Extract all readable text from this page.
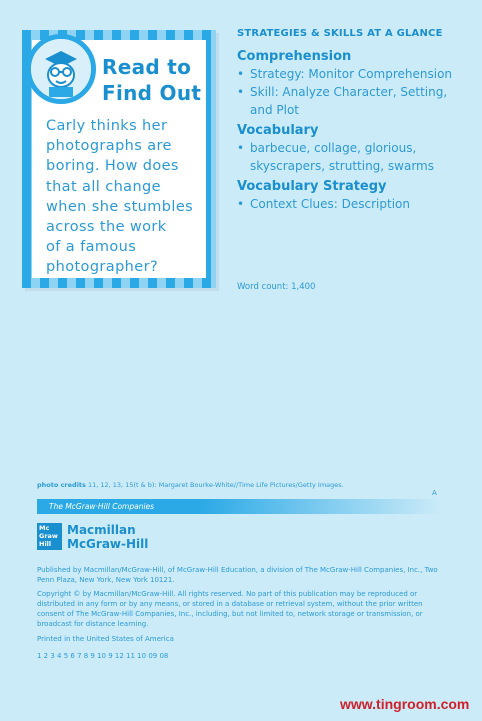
Read to
Find Out
Carly thinks her
photographs are
boring. How does
that all change
when she stumbles
across the work
of a famous
photographer?
STRATEGIES & SKILLS AT A GLANCE
Comprehension
• Strategy: Monitor Comprehension
• Skill: Analyze Character, Setting, and Plot
Vocabulary
• barbecue, collage, glorious, skyscrapers, strutting, swarms
Vocabulary Strategy
• Context Clues: Description
Word count: 1,400
photo credits 11, 12, 13, 15(t & b): Margaret Bourke-White//Time Life Pictures/Getty Images.
A
The McGraw·Hill Companies
Mc
Graw
Hill
Macmillan
McGraw-Hill
Published by Macmillan/McGraw-Hill, of McGraw-Hill Education, a division of The McGraw-Hill Companies, Inc., Two Penn Plaza, New York, New York 10121.
Copyright © by Macmillan/McGraw-Hill. All rights reserved. No part of this publication may be reproduced or distributed in any form or by any means, or stored in a database or retrieval system, without the prior written consent of The McGraw-Hill Companies, Inc., including, but not limited to, network storage or transmission, or broadcast for distance learning.
Printed in the United States of America
1 2 3 4 5 6 7 8 9 10 9 12 11 10 09 08
www.tingroom.com
